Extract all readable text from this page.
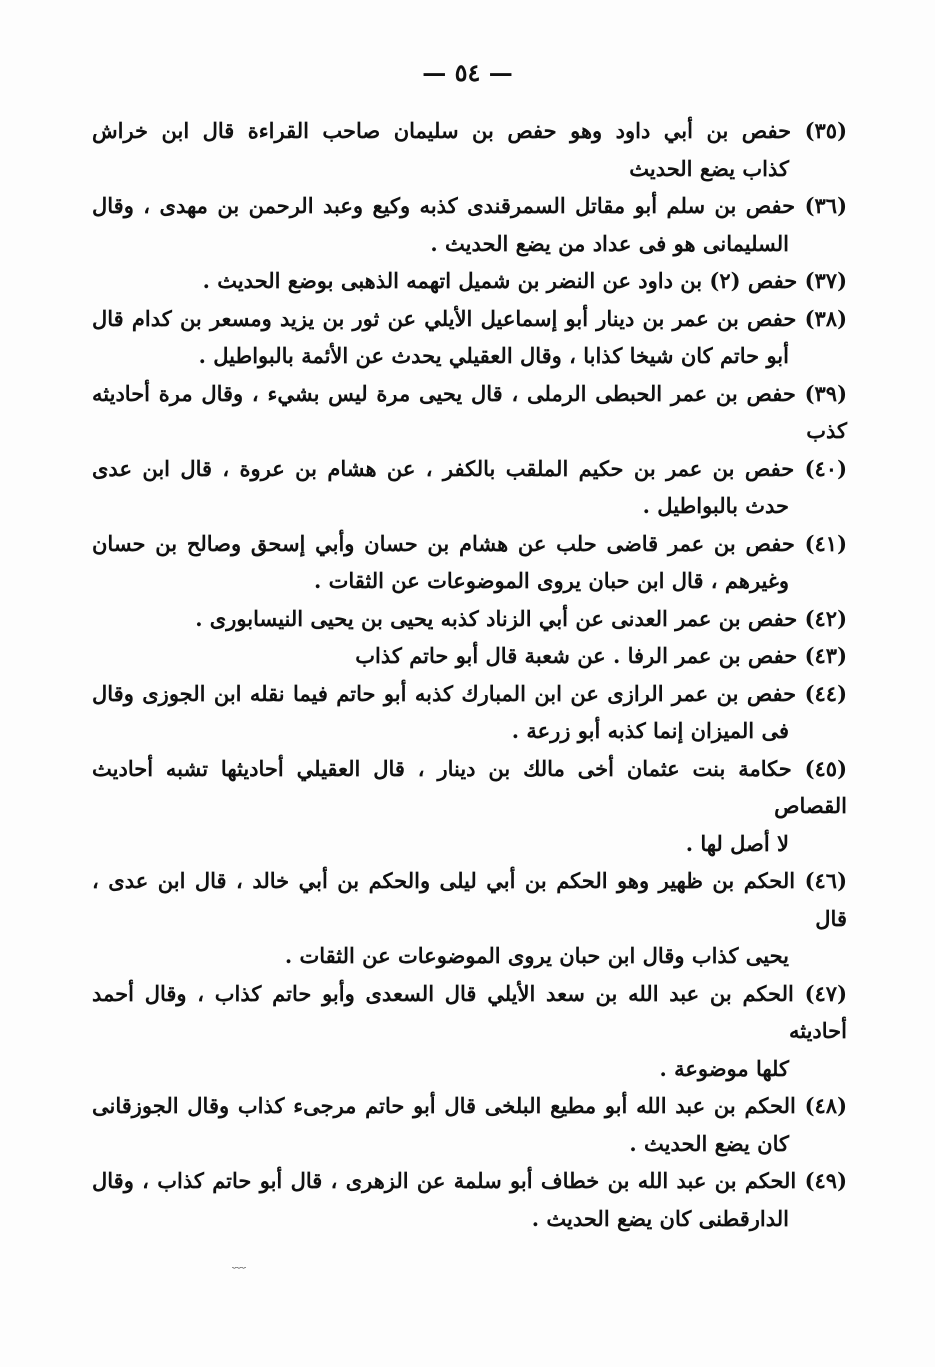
— ٥٤ —
(٣٥) حفص بن أبي داود وهو حفص بن سليمان صاحب القراءة قال ابن خراش
كذاب يضع الحديث
(٣٦) حفص بن سلم أبو مقاتل السمرقندى كذبه وكيع وعبد الرحمن بن مهدى ، وقال
السليمانى هو فى عداد من يضع الحديث .
(٣٧) حفص (٢) بن داود عن النضر بن شميل اتهمه الذهبى بوضع الحديث .
(٣٨) حفص بن عمر بن دينار أبو إسماعيل الأيلي عن ثور بن يزيد ومسعر بن كدام قال
أبو حاتم كان شيخا كذابا ، وقال العقيلي يحدث عن الأئمة بالبواطيل .
(٣٩) حفص بن عمر الحبطى الرملى ، قال يحيى مرة ليس بشيء ، وقال مرة أحاديثه كذب
(٤٠) حفص بن عمر بن حكيم الملقب بالكفر ، عن هشام بن عروة ، قال ابن عدى
حدث بالبواطيل .
(٤١) حفص بن عمر قاضى حلب عن هشام بن حسان وأبي إسحق وصالح بن حسان
وغيرهم ، قال ابن حبان يروى الموضوعات عن الثقات .
(٤٢) حفص بن عمر العدنى عن أبي الزناد كذبه يحيى بن يحيى النيسابورى .
(٤٣) حفص بن عمر الرفا . عن شعبة قال أبو حاتم كذاب
(٤٤) حفص بن عمر الرازى عن ابن المبارك كذبه أبو حاتم فيما نقله ابن الجوزى وقال
فى الميزان إنما كذبه أبو زرعة .
(٤٥) حكامة بنت عثمان أخى مالك بن دينار ، قال العقيلي أحاديثها تشبه أحاديث القصاص
لا أصل لها .
(٤٦) الحكم بن ظهير وهو الحكم بن أبي ليلى والحكم بن أبي خالد ، قال ابن عدى ، قال
يحيى كذاب وقال ابن حبان يروى الموضوعات عن الثقات .
(٤٧) الحكم بن عبد الله بن سعد الأيلي قال السعدى وأبو حاتم كذاب ، وقال أحمد أحاديثه
كلها موضوعة .
(٤٨) الحكم بن عبد الله أبو مطيع البلخى قال أبو حاتم مرجىء كذاب وقال الجوزقانى
كان يضع الحديث .
(٤٩) الحكم بن عبد الله بن خطاف أبو سلمة عن الزهرى ، قال أبو حاتم كذاب ، وقال
الدارقطنى كان يضع الحديث .
﹏
